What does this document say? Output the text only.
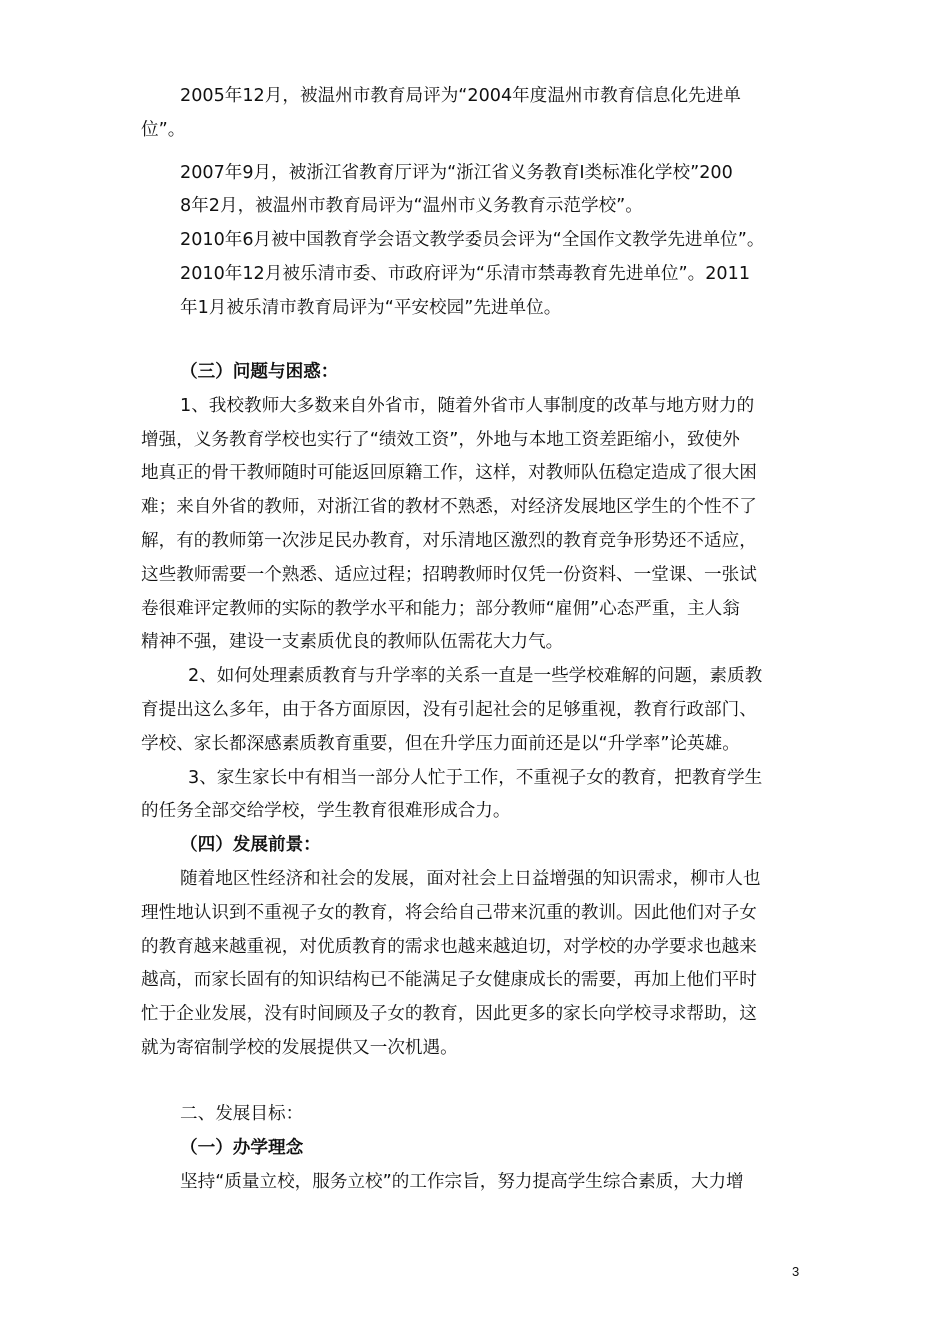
2005年12月，被温州市教育局评为“2004年度温州市教育信息化先进单

位”。

2007年9月，被浙江省教育厅评为“浙江省义务教育Ⅰ类标准化学校”200

8年2月，被温州市教育局评为“温州市义务教育示范学校”。

2010年6月被中国教育学会语文教学委员会评为“全国作文教学先进单位”。

2010年12月被乐清市委、市政府评为“乐清市禁毒教育先进单位”。2011

年1月被乐清市教育局评为“平安校园”先进单位。

（三）问题与困惑：

1、我校教师大多数来自外省市，随着外省市人事制度的改革与地方财力的

增强，义务教育学校也实行了“绩效工资”，外地与本地工资差距缩小，致使外

地真正的骨干教师随时可能返回原籍工作，这样，对教师队伍稳定造成了很大困

难；来自外省的教师，对浙江省的教材不熟悉，对经济发展地区学生的个性不了

解，有的教师第一次涉足民办教育，对乐清地区激烈的教育竞争形势还不适应，

这些教师需要一个熟悉、适应过程；招聘教师时仅凭一份资料、一堂课、一张试

卷很难评定教师的实际的教学水平和能力；部分教师“雇佣”心态严重，主人翁

精神不强，建设一支素质优良的教师队伍需花大力气。

2、如何处理素质教育与升学率的关系一直是一些学校难解的问题，素质教

育提出这么多年，由于各方面原因，没有引起社会的足够重视，教育行政部门、

学校、家长都深感素质教育重要，但在升学压力面前还是以“升学率”论英雄。

3、家生家长中有相当一部分人忙于工作，不重视子女的教育，把教育学生

的任务全部交给学校，学生教育很难形成合力。

（四）发展前景：

随着地区性经济和社会的发展，面对社会上日益增强的知识需求，柳市人也

理性地认识到不重视子女的教育，将会给自己带来沉重的教训。因此他们对子女

的教育越来越重视，对优质教育的需求也越来越迫切，对学校的办学要求也越来

越高，而家长固有的知识结构已不能满足子女健康成长的需要，再加上他们平时

忙于企业发展，没有时间顾及子女的教育，因此更多的家长向学校寻求帮助，这

就为寄宿制学校的发展提供又一次机遇。

二、发展目标：

（一）办学理念

坚持“质量立校，服务立校”的工作宗旨，努力提高学生综合素质，大力增

3
